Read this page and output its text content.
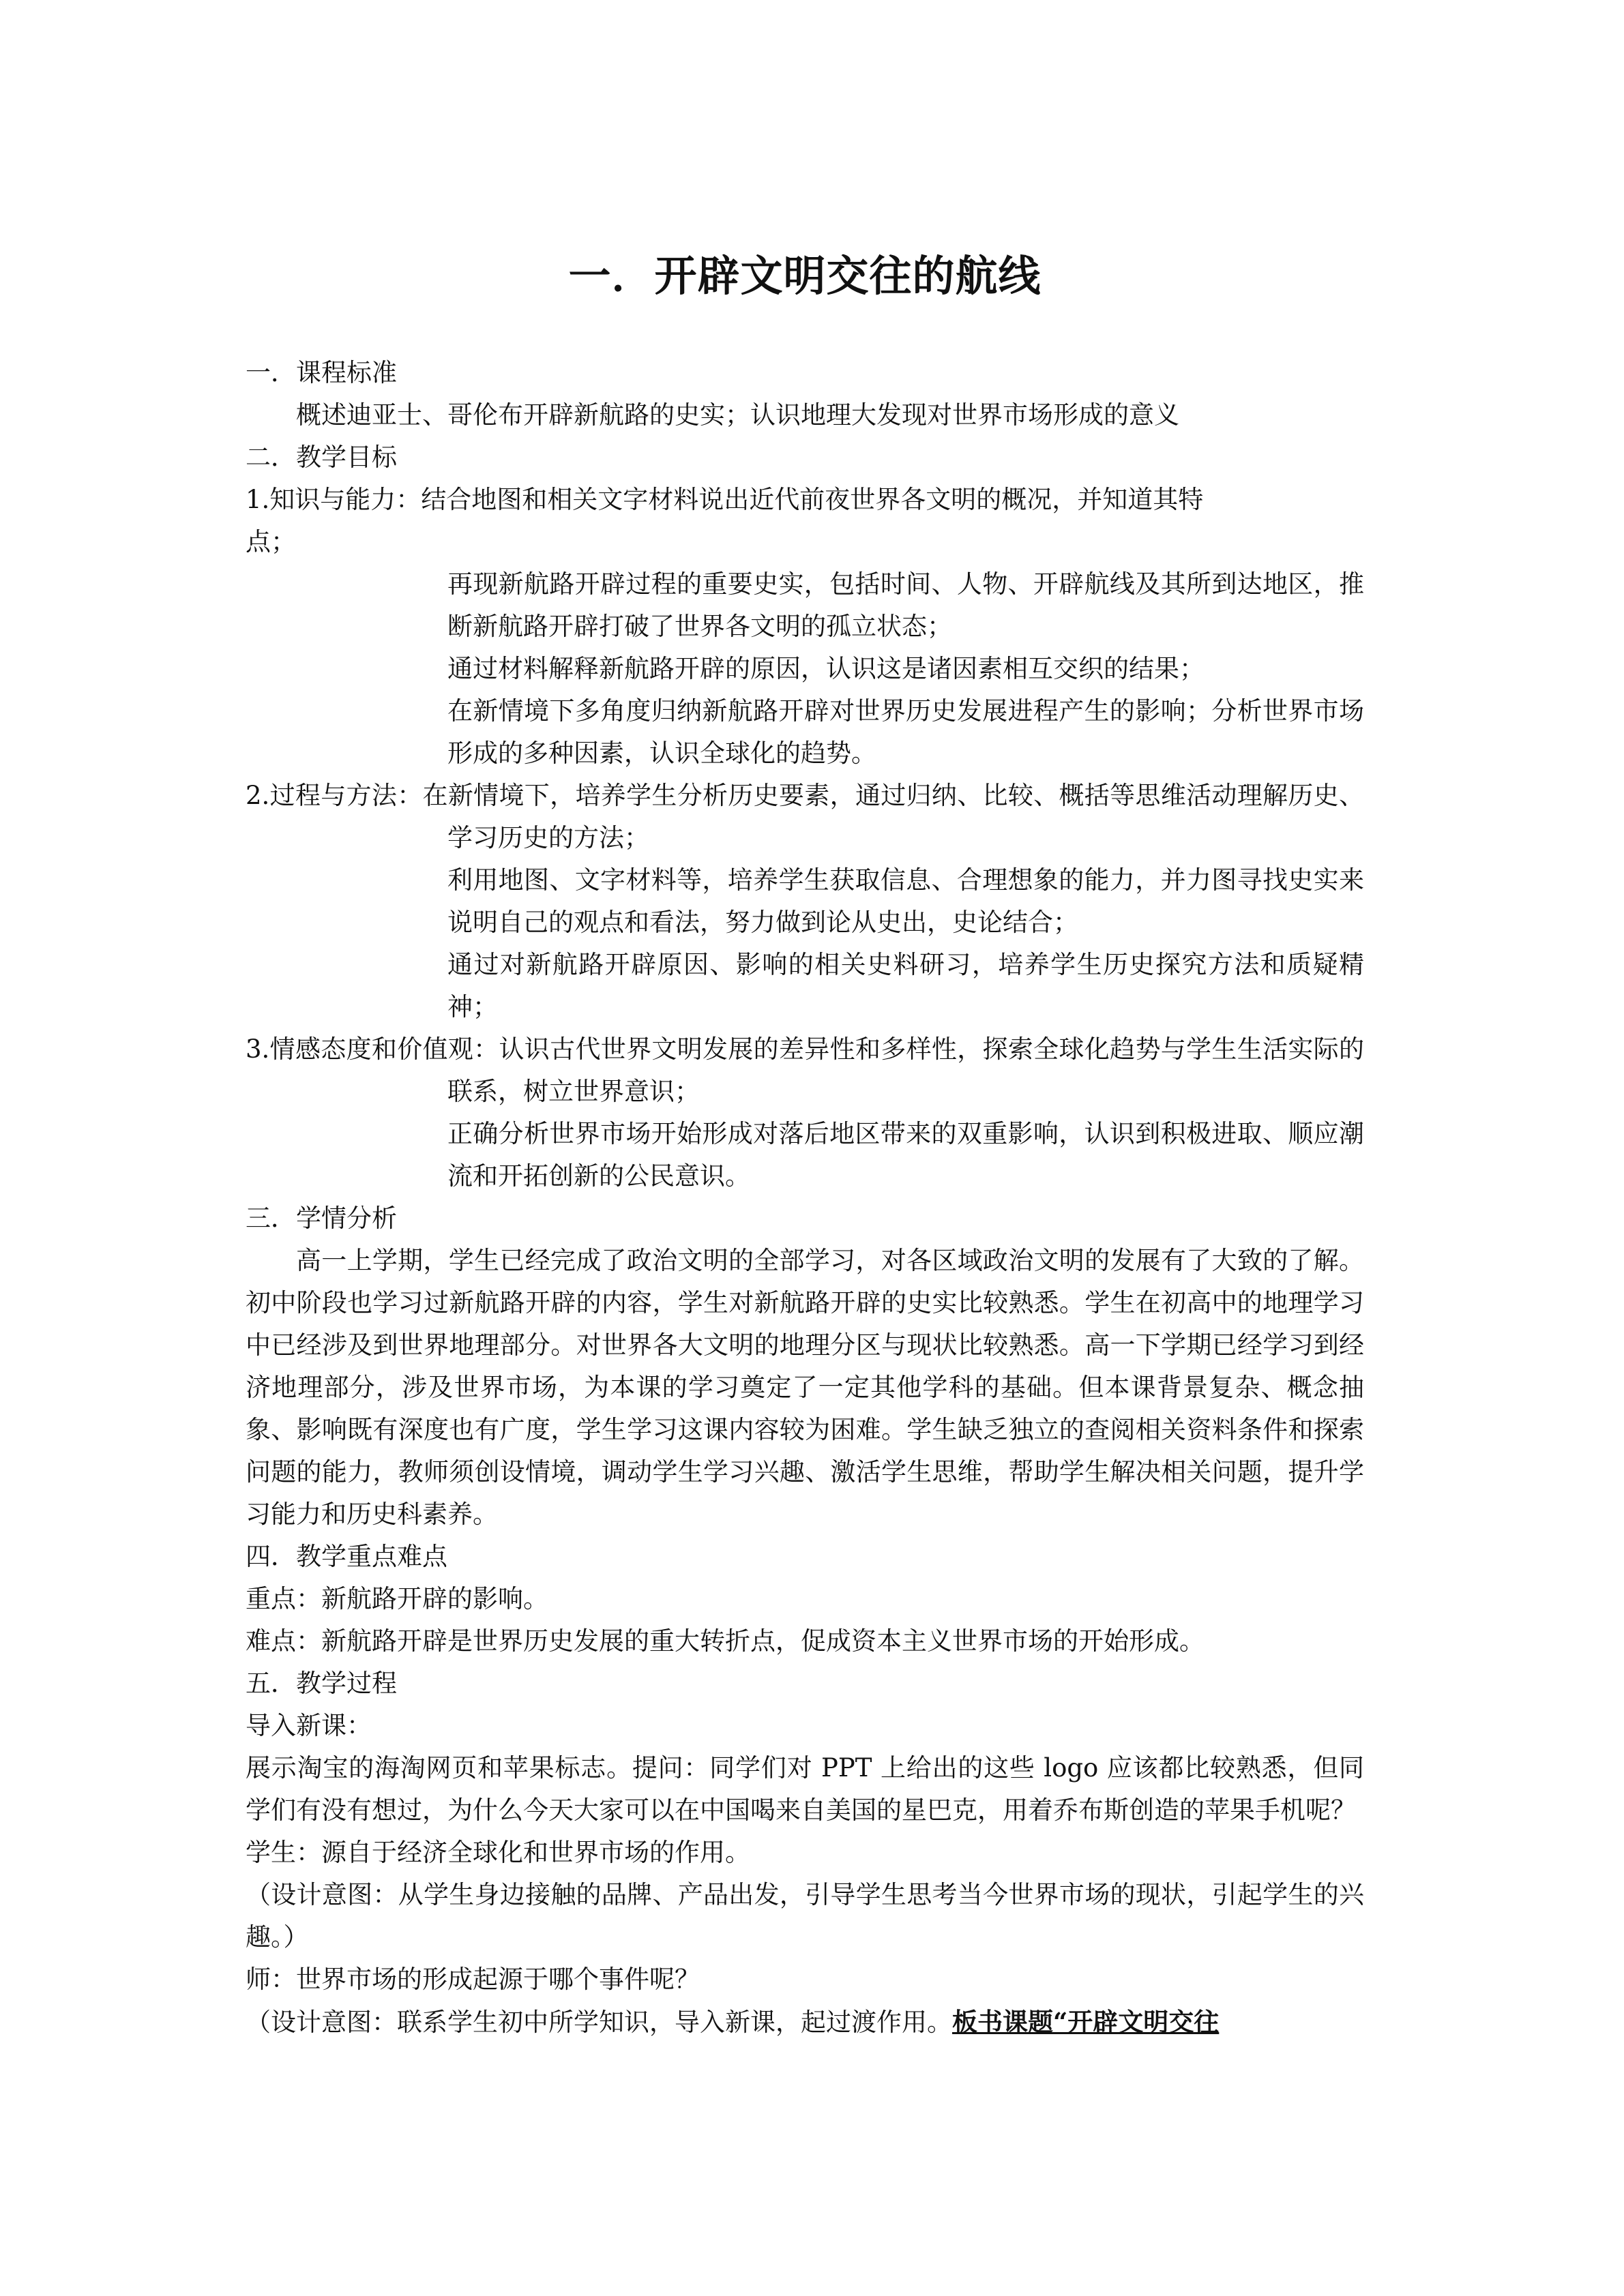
一．开辟文明交往的航线
一．课程标准
概述迪亚士、哥伦布开辟新航路的史实；认识地理大发现对世界市场形成的意义
二．教学目标
1.知识与能力：结合地图和相关文字材料说出近代前夜世界各文明的概况，并知道其特
点；
再现新航路开辟过程的重要史实，包括时间、人物、开辟航线及其所到达地区，推断新航路开辟打破了世界各文明的孤立状态；
通过材料解释新航路开辟的原因，认识这是诸因素相互交织的结果；
在新情境下多角度归纳新航路开辟对世界历史发展进程产生的影响；分析世界市场形成的多种因素，认识全球化的趋势。
2.过程与方法：在新情境下，培养学生分析历史要素，通过归纳、比较、概括等思维活动理解历史、学习历史的方法；
利用地图、文字材料等，培养学生获取信息、合理想象的能力，并力图寻找史实来说明自己的观点和看法，努力做到论从史出，史论结合；
通过对新航路开辟原因、影响的相关史料研习，培养学生历史探究方法和质疑精神；
3.情感态度和价值观：认识古代世界文明发展的差异性和多样性，探索全球化趋势与学生生活实际的联系，树立世界意识；
正确分析世界市场开始形成对落后地区带来的双重影响，认识到积极进取、顺应潮流和开拓创新的公民意识。
三．学情分析
高一上学期，学生已经完成了政治文明的全部学习，对各区域政治文明的发展有了大致的了解。初中阶段也学习过新航路开辟的内容，学生对新航路开辟的史实比较熟悉。学生在初高中的地理学习中已经涉及到世界地理部分。对世界各大文明的地理分区与现状比较熟悉。高一下学期已经学习到经济地理部分，涉及世界市场，为本课的学习奠定了一定其他学科的基础。但本课背景复杂、概念抽象、影响既有深度也有广度，学生学习这课内容较为困难。学生缺乏独立的查阅相关资料条件和探索问题的能力，教师须创设情境，调动学生学习兴趣、激活学生思维，帮助学生解决相关问题，提升学习能力和历史科素养。
四．教学重点难点
重点：新航路开辟的影响。
难点：新航路开辟是世界历史发展的重大转折点，促成资本主义世界市场的开始形成。
五．教学过程
导入新课：
展示淘宝的海淘网页和苹果标志。提问：同学们对 PPT 上给出的这些 logo 应该都比较熟悉，但同学们有没有想过，为什么今天大家可以在中国喝来自美国的星巴克，用着乔布斯创造的苹果手机呢？
学生：源自于经济全球化和世界市场的作用。
（设计意图：从学生身边接触的品牌、产品出发，引导学生思考当今世界市场的现状，引起学生的兴趣。）
师：世界市场的形成起源于哪个事件呢？
（设计意图：联系学生初中所学知识，导入新课，起过渡作用。板书课题“开辟文明交往
